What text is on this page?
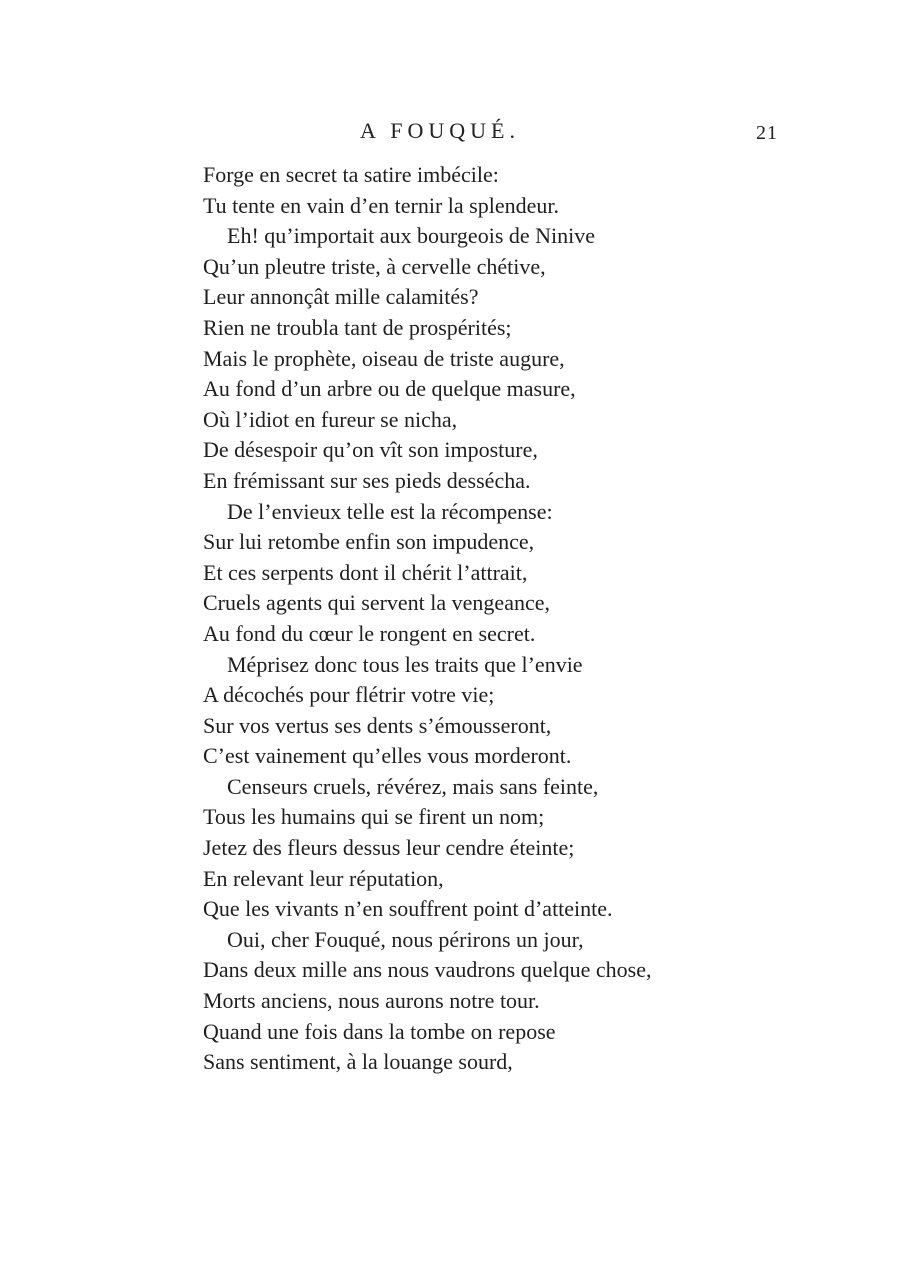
A FOUQUÉ.	21
Forge en secret ta satire imbécile:
Tu tente en vain d’en ternir la splendeur.
Eh! qu’importait aux bourgeois de Ninive
Qu’un pleutre triste, à cervelle chétive,
Leur annonçât mille calamités?
Rien ne troubla tant de prospérités;
Mais le prophète, oiseau de triste augure,
Au fond d’un arbre ou de quelque masure,
Où l’idiot en fureur se nicha,
De désespoir qu’on vît son imposture,
En frémissant sur ses pieds dessécha.
De l’envieux telle est la récompense:
Sur lui retombe enfin son impudence,
Et ces serpents dont il chérit l’attrait,
Cruels agents qui servent la vengeance,
Au fond du cœur le rongent en secret.
Méprisez donc tous les traits que l’envie
A décochés pour flétrir votre vie;
Sur vos vertus ses dents s’émousseront,
C’est vainement qu’elles vous morderont.
Censeurs cruels, révérez, mais sans feinte,
Tous les humains qui se firent un nom;
Jetez des fleurs dessus leur cendre éteinte;
En relevant leur réputation,
Que les vivants n’en souffrent point d’atteinte.
Oui, cher Fouqué, nous périrons un jour,
Dans deux mille ans nous vaudrons quelque chose,
Morts anciens, nous aurons notre tour.
Quand une fois dans la tombe on repose
Sans sentiment, à la louange sourd,
